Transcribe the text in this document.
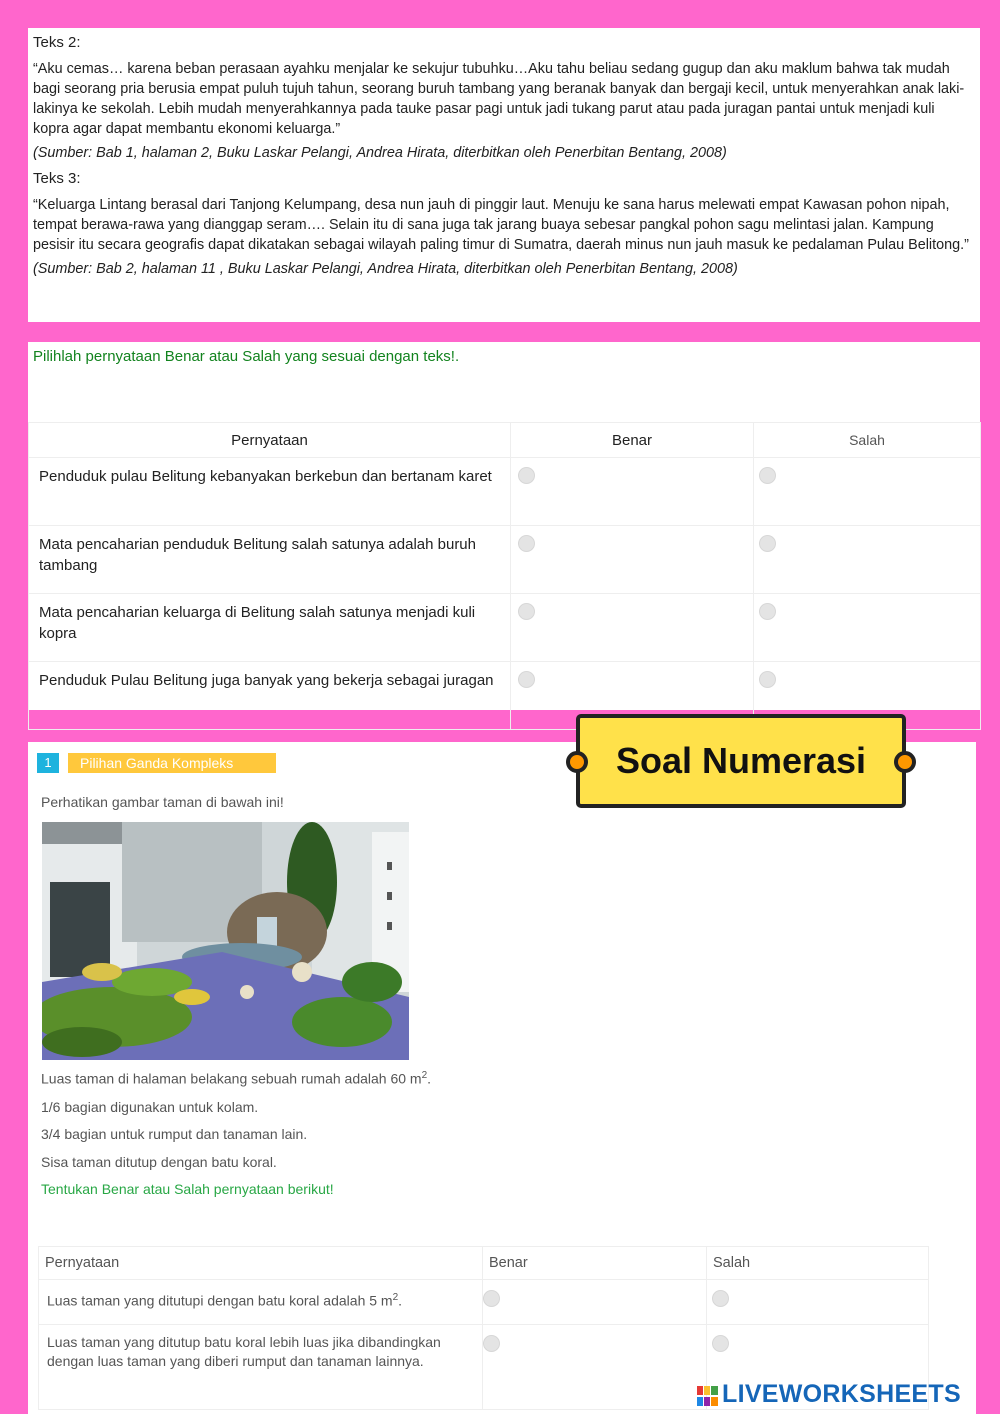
Teks 2:
“Aku cemas… karena beban perasaan ayahku menjalar ke sekujur tubuhku…Aku tahu beliau sedang gugup dan aku maklum bahwa tak mudah bagi seorang pria berusia empat puluh tujuh tahun, seorang buruh tambang yang beranak banyak dan bergaji kecil, untuk menyerahkan anak laki-lakinya ke sekolah. Lebih mudah menyerahkannya pada tauke pasar pagi untuk jadi tukang parut atau pada juragan pantai untuk menjadi kuli kopra agar dapat membantu ekonomi keluarga.”
(Sumber: Bab 1, halaman 2, Buku Laskar Pelangi, Andrea Hirata, diterbitkan oleh Penerbitan Bentang, 2008)
Teks 3:
“Keluarga Lintang berasal dari Tanjong Kelumpang, desa nun jauh di pinggir laut. Menuju ke sana harus melewati empat Kawasan pohon nipah, tempat berawa-rawa yang dianggap seram…. Selain itu di sana juga tak jarang buaya sebesar pangkal pohon sagu melintasi jalan. Kampung pesisir itu secara geografis dapat dikatakan sebagai wilayah paling timur di Sumatra, daerah minus nun jauh masuk ke pedalaman Pulau Belitong.”
(Sumber: Bab 2, halaman 11 , Buku Laskar Pelangi, Andrea Hirata, diterbitkan oleh Penerbitan Bentang, 2008)
Pilihlah pernyataan Benar atau Salah yang sesuai dengan teks!.
Pernyataan	Benar	Salah
Penduduk pulau Belitung kebanyakan berkebun dan bertanam karet	

Mata pencaharian penduduk Belitung salah satunya adalah buruh tambang	

Mata pencaharian keluarga di Belitung salah satunya menjadi kuli kopra	

Penduduk Pulau Belitung juga banyak yang bekerja sebagai juragan	

1	Pilihan Ganda Kompleks
Perhatikan gambar taman di bawah ini!
Luas taman di halaman belakang sebuah rumah adalah 60 $m^2$.
1/6 bagian digunakan untuk kolam.
3/4 bagian untuk rumput dan tanaman lain.
Sisa taman ditutup dengan batu koral.
Tentukan Benar atau Salah pernyataan berikut!
Pernyataan	Benar	Salah
Luas taman yang ditutupi dengan batu koral adalah 5 $m^2$.	

Luas taman yang ditutup batu koral lebih luas jika dibandingkan dengan luas taman yang diberi rumput dan tanaman lainnya.	

Soal Numerasi
LIVEWORKSHEETS
